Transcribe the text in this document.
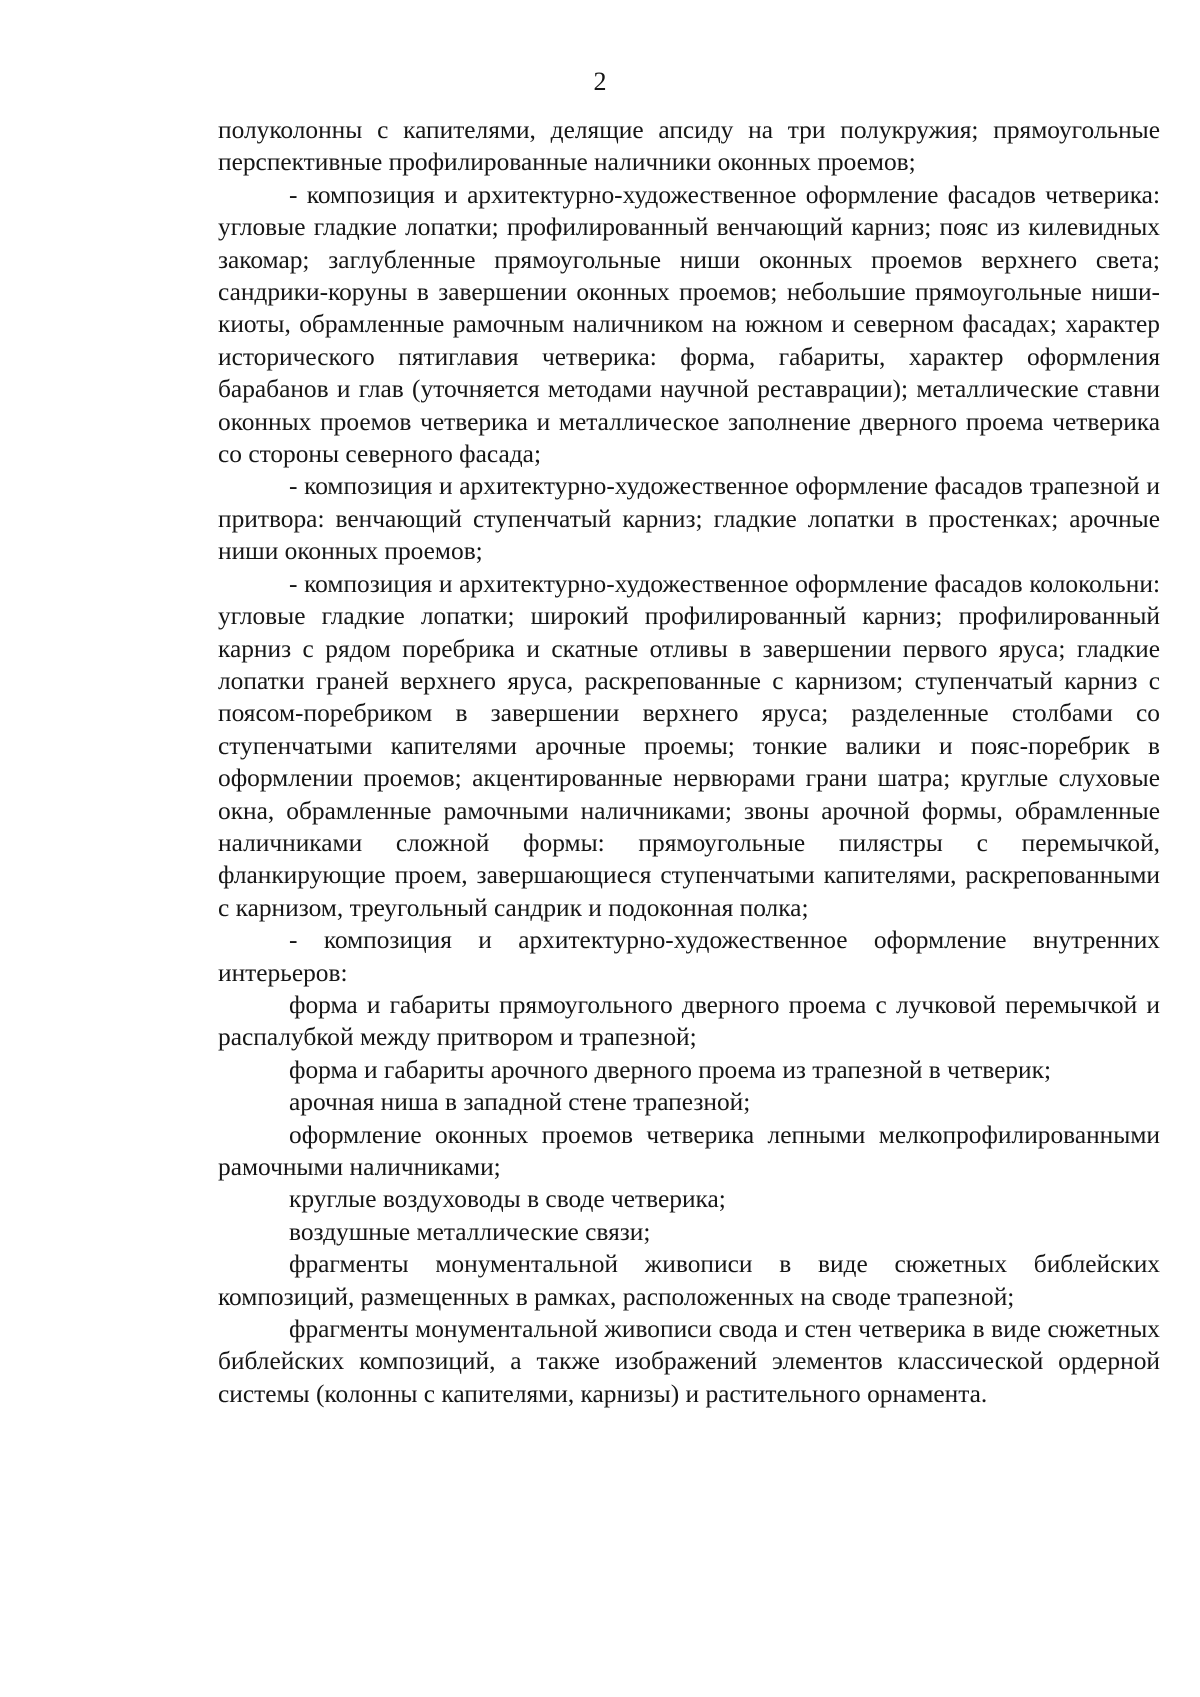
2

полуколонны с капителями, делящие апсиду на три полукружия; прямоугольные перспективные профилированные наличники оконных проемов;

- композиция и архитектурно-художественное оформление фасадов четверика: угловые гладкие лопатки; профилированный венчающий карниз; пояс из килевидных закомар; заглубленные прямоугольные ниши оконных проемов верхнего света; сандрики-коруны в завершении оконных проемов; небольшие прямоугольные ниши-киоты, обрамленные рамочным наличником на южном и северном фасадах; характер исторического пятиглавия четверика: форма, габариты, характер оформления барабанов и глав (уточняется методами научной реставрации); металлические ставни оконных проемов четверика и металлическое заполнение дверного проема четверика со стороны северного фасада;

- композиция и архитектурно-художественное оформление фасадов трапезной и притвора: венчающий ступенчатый карниз; гладкие лопатки в простенках; арочные ниши оконных проемов;

- композиция и архитектурно-художественное оформление фасадов колокольни: угловые гладкие лопатки; широкий профилированный карниз; профилированный карниз с рядом поребрика и скатные отливы в завершении первого яруса; гладкие лопатки граней верхнего яруса, раскрепованные с карнизом; ступенчатый карниз с поясом-поребриком в завершении верхнего яруса; разделенные столбами со ступенчатыми капителями арочные проемы; тонкие валики и пояс-поребрик в оформлении проемов; акцентированные нервюрами грани шатра; круглые слуховые окна, обрамленные рамочными наличниками; звоны арочной формы, обрамленные наличниками сложной формы: прямоугольные пилястры с перемычкой, фланкирующие проем, завершающиеся ступенчатыми капителями, раскрепованными с карнизом, треугольный сандрик и подоконная полка;

- композиция и архитектурно-художественное оформление внутренних интерьеров:

форма и габариты прямоугольного дверного проема с лучковой перемычкой и распалубкой между притвором и трапезной;

форма и габариты арочного дверного проема из трапезной в четверик;

арочная ниша в западной стене трапезной;

оформление оконных проемов четверика лепными мелкопрофилированными рамочными наличниками;

круглые воздуховоды в своде четверика;

воздушные металлические связи;

фрагменты монументальной живописи в виде сюжетных библейских композиций, размещенных в рамках, расположенных на своде трапезной;

фрагменты монументальной живописи свода и стен четверика в виде сюжетных библейских композиций, а также изображений элементов классической ордерной системы (колонны с капителями, карнизы) и растительного орнамента.
